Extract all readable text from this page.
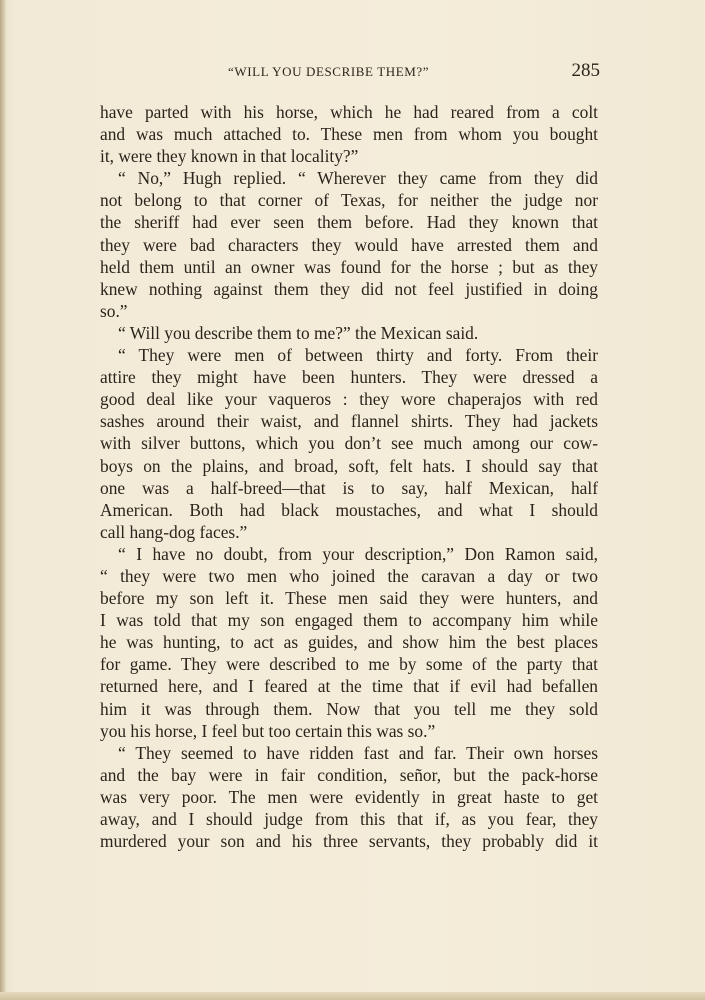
“WILL YOU DESCRIBE THEM?”	285
have parted with his horse, which he had reared from a colt
and was much attached to. These men from whom you bought
it, were they known in that locality?”
“ No,” Hugh replied. “ Wherever they came from they did
not belong to that corner of Texas, for neither the judge nor
the sheriff had ever seen them before. Had they known that
they were bad characters they would have arrested them and
held them until an owner was found for the horse ; but as they
knew nothing against them they did not feel justified in doing
so.”
“ Will you describe them to me?” the Mexican said.
“ They were men of between thirty and forty. From their
attire they might have been hunters. They were dressed a
good deal like your vaqueros : they wore chaperajos with red
sashes around their waist, and flannel shirts. They had jackets
with silver buttons, which you don’t see much among our cow-
boys on the plains, and broad, soft, felt hats. I should say that
one was a half-breed—that is to say, half Mexican, half
American. Both had black moustaches, and what I should
call hang-dog faces.”
“ I have no doubt, from your description,” Don Ramon said,
“ they were two men who joined the caravan a day or two
before my son left it. These men said they were hunters, and
I was told that my son engaged them to accompany him while
he was hunting, to act as guides, and show him the best places
for game. They were described to me by some of the party that
returned here, and I feared at the time that if evil had befallen
him it was through them. Now that you tell me they sold
you his horse, I feel but too certain this was so.”
“ They seemed to have ridden fast and far. Their own horses
and the bay were in fair condition, señor, but the pack-horse
was very poor. The men were evidently in great haste to get
away, and I should judge from this that if, as you fear, they
murdered your son and his three servants, they probably did it
